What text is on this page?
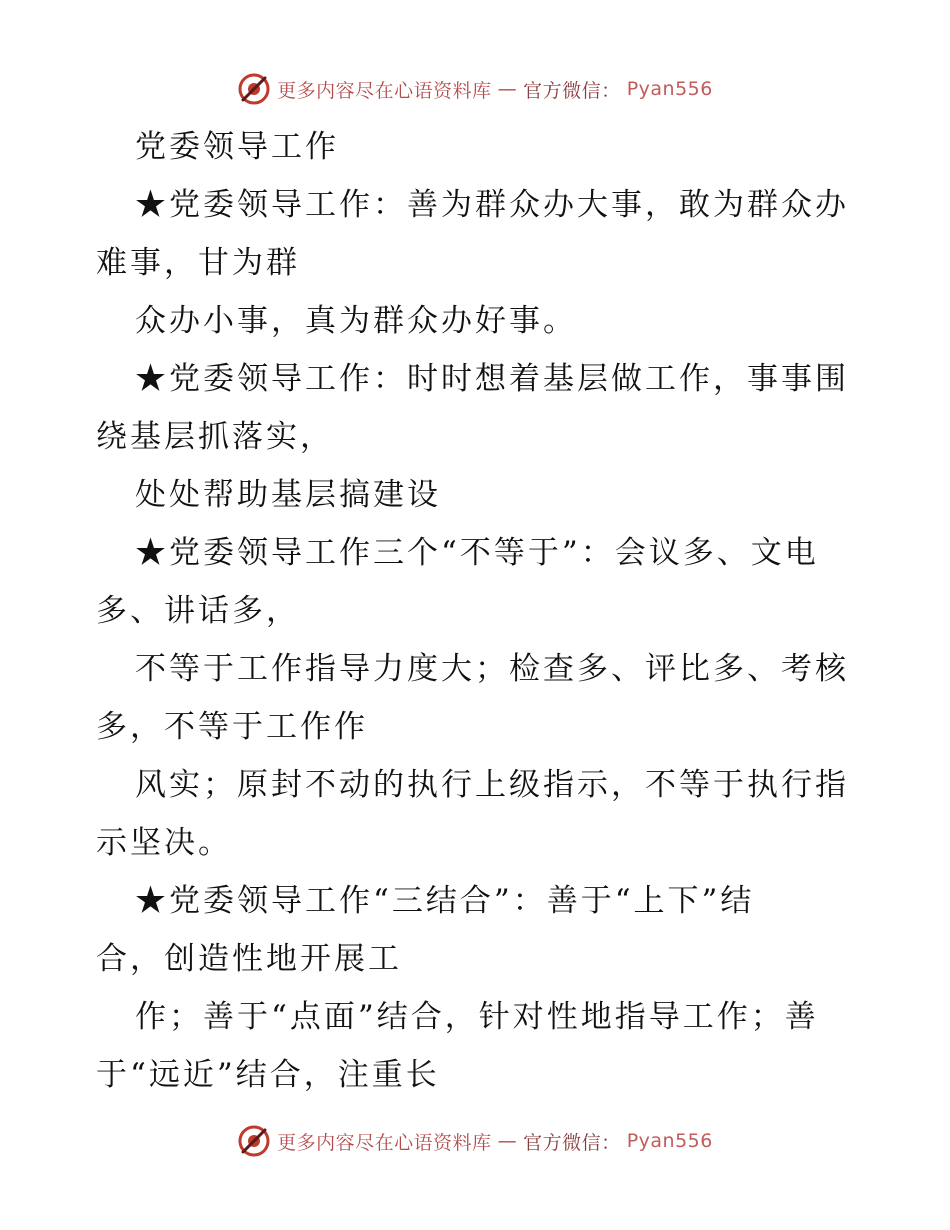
更多内容尽在心语资料库 — 官方微信： Pyan556

党委领导工作

★党委领导工作：善为群众办大事，敢为群众办

难事，甘为群

众办小事，真为群众办好事。

★党委领导工作：时时想着基层做工作，事事围

绕基层抓落实，

处处帮助基层搞建设

★党委领导工作三个“不等于”：会议多、文电

多、讲话多，

不等于工作指导力度大；检查多、评比多、考核

多，不等于工作作

风实；原封不动的执行上级指示，不等于执行指

示坚决。

★党委领导工作“三结合”：善于“上下”结

合，创造性地开展工

作；善于“点面”结合，针对性地指导工作；善

于“远近”结合，注重长

更多内容尽在心语资料库 — 官方微信： Pyan556
